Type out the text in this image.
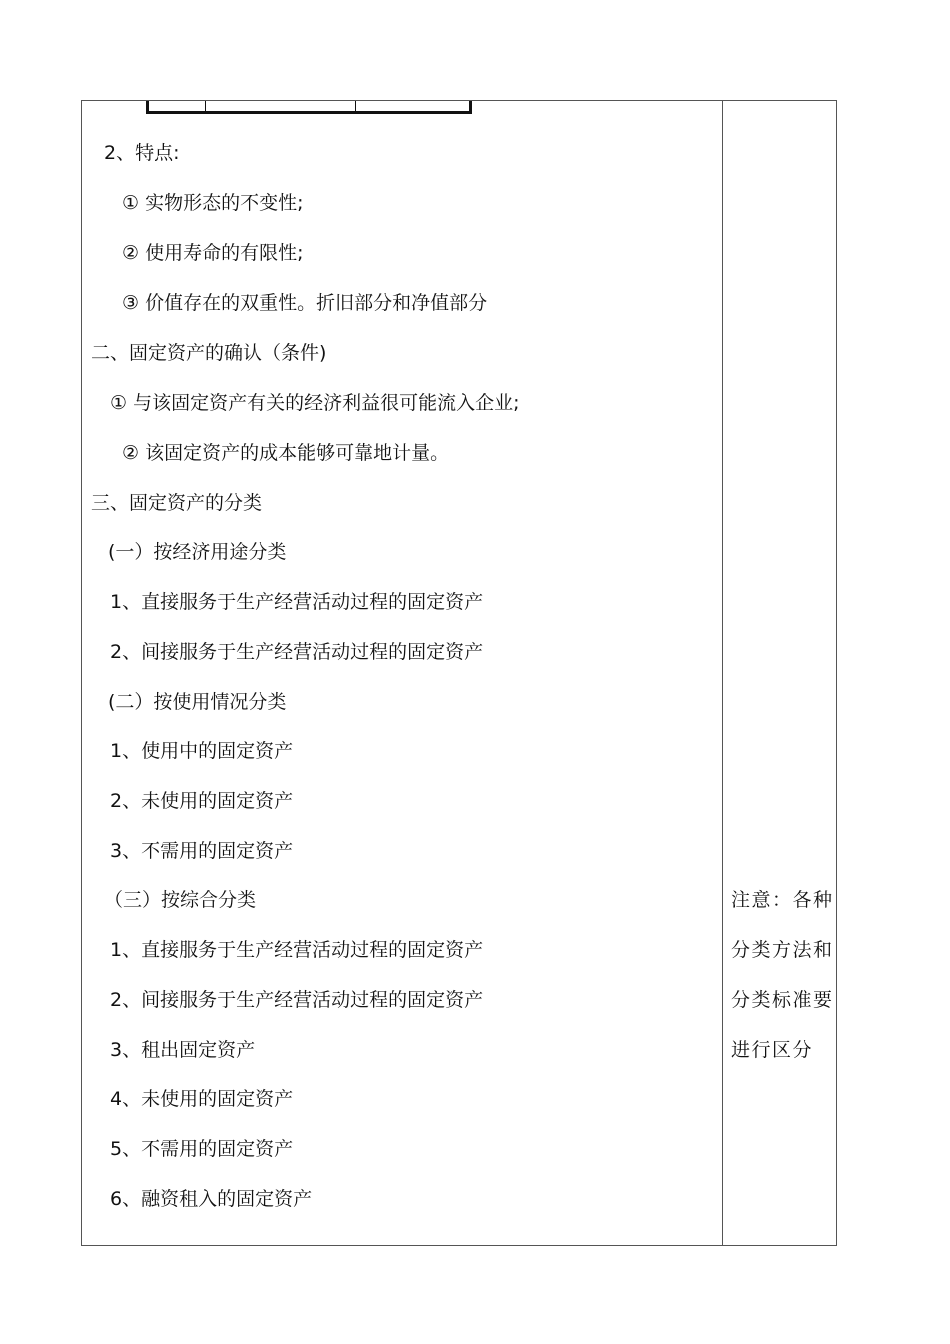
2、特点:
① 实物形态的不变性;
② 使用寿命的有限性;
③ 价值存在的双重性。折旧部分和净值部分
二、固定资产的确认（条件)
① 与该固定资产有关的经济利益很可能流入企业;
② 该固定资产的成本能够可靠地计量。
三、固定资产的分类
(一）按经济用途分类
1、直接服务于生产经营活动过程的固定资产
2、间接服务于生产经营活动过程的固定资产
(二）按使用情况分类
1、使用中的固定资产
2、未使用的固定资产
3、不需用的固定资产
（三）按综合分类
1、直接服务于生产经营活动过程的固定资产
2、间接服务于生产经营活动过程的固定资产
3、租出固定资产
4、未使用的固定资产
5、不需用的固定资产
6、融资租入的固定资产
注意：各种
分类方法和
分类标准要
进行区分
